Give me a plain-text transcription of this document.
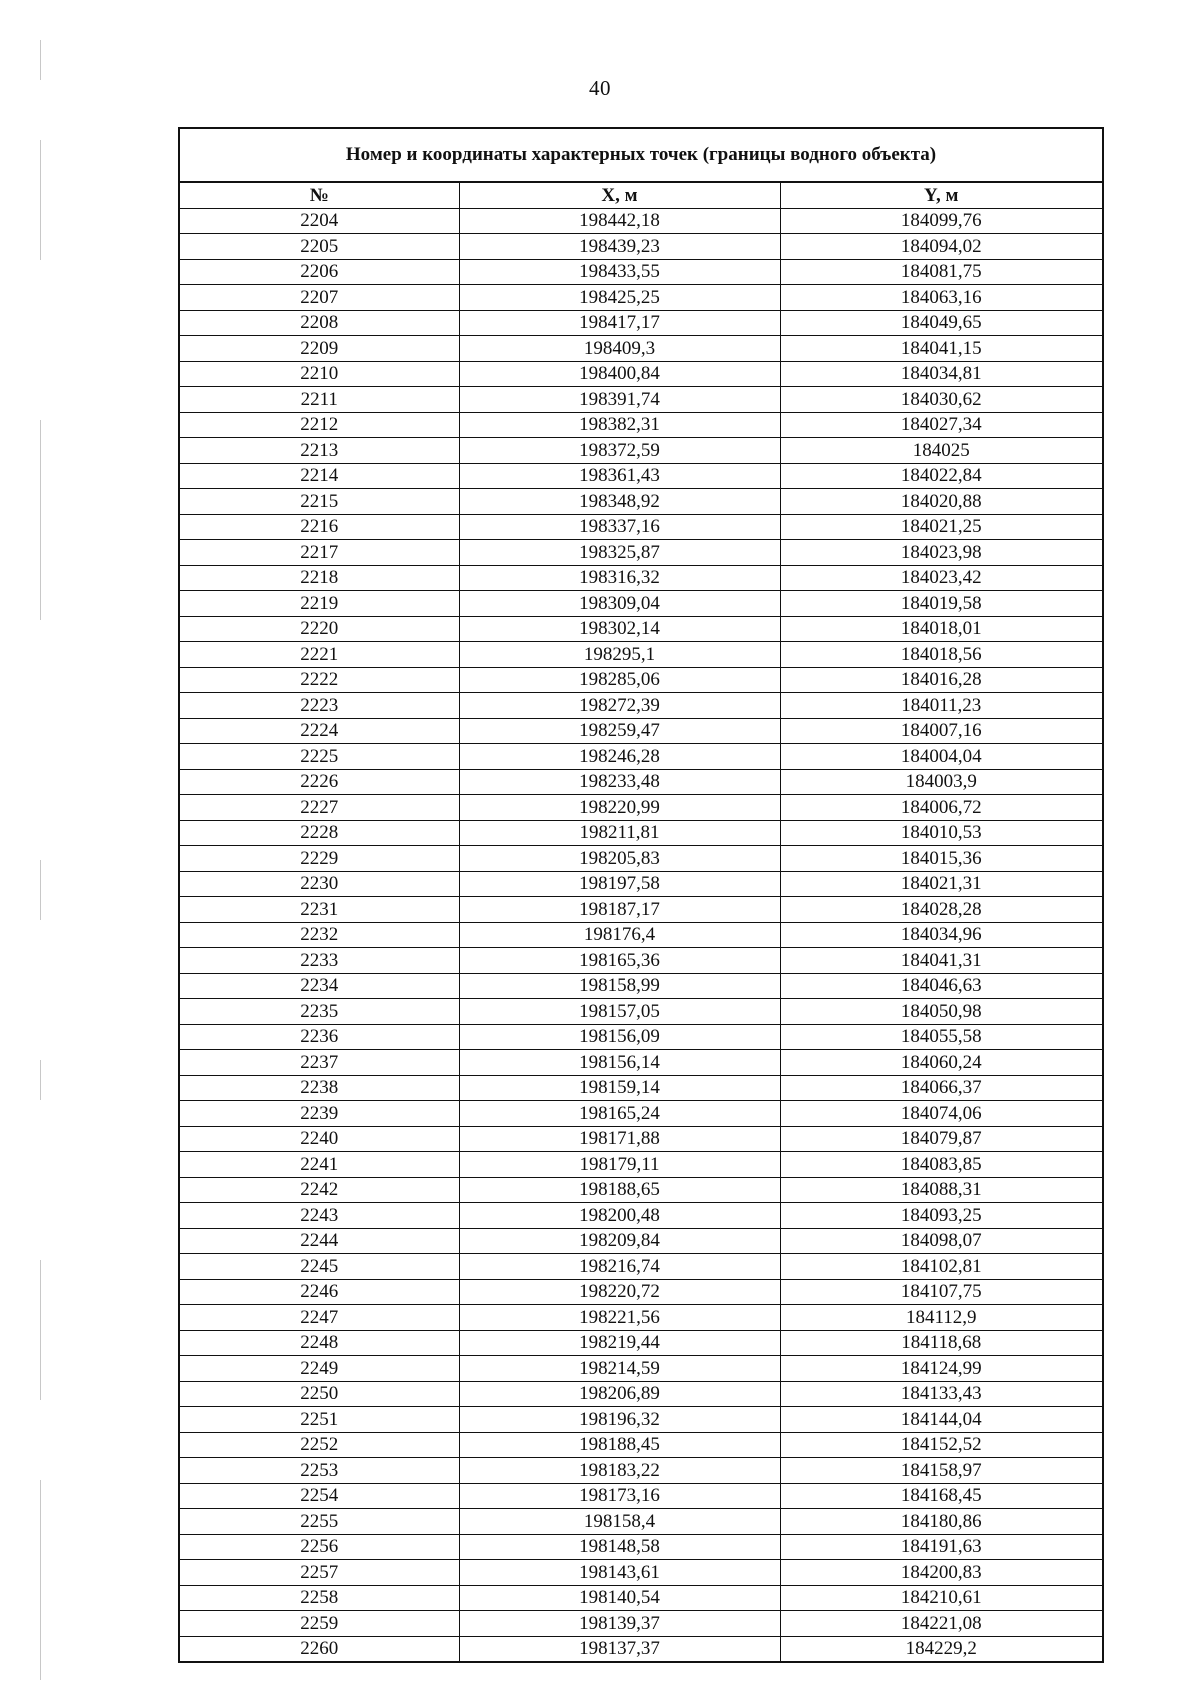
40
Номер и координаты характерных точек (границы водного объекта)
№	X, м	Y, м
2204	198442,18	184099,76
2205	198439,23	184094,02
2206	198433,55	184081,75
2207	198425,25	184063,16
2208	198417,17	184049,65
2209	198409,3	184041,15
2210	198400,84	184034,81
2211	198391,74	184030,62
2212	198382,31	184027,34
2213	198372,59	184025
2214	198361,43	184022,84
2215	198348,92	184020,88
2216	198337,16	184021,25
2217	198325,87	184023,98
2218	198316,32	184023,42
2219	198309,04	184019,58
2220	198302,14	184018,01
2221	198295,1	184018,56
2222	198285,06	184016,28
2223	198272,39	184011,23
2224	198259,47	184007,16
2225	198246,28	184004,04
2226	198233,48	184003,9
2227	198220,99	184006,72
2228	198211,81	184010,53
2229	198205,83	184015,36
2230	198197,58	184021,31
2231	198187,17	184028,28
2232	198176,4	184034,96
2233	198165,36	184041,31
2234	198158,99	184046,63
2235	198157,05	184050,98
2236	198156,09	184055,58
2237	198156,14	184060,24
2238	198159,14	184066,37
2239	198165,24	184074,06
2240	198171,88	184079,87
2241	198179,11	184083,85
2242	198188,65	184088,31
2243	198200,48	184093,25
2244	198209,84	184098,07
2245	198216,74	184102,81
2246	198220,72	184107,75
2247	198221,56	184112,9
2248	198219,44	184118,68
2249	198214,59	184124,99
2250	198206,89	184133,43
2251	198196,32	184144,04
2252	198188,45	184152,52
2253	198183,22	184158,97
2254	198173,16	184168,45
2255	198158,4	184180,86
2256	198148,58	184191,63
2257	198143,61	184200,83
2258	198140,54	184210,61
2259	198139,37	184221,08
2260	198137,37	184229,2
